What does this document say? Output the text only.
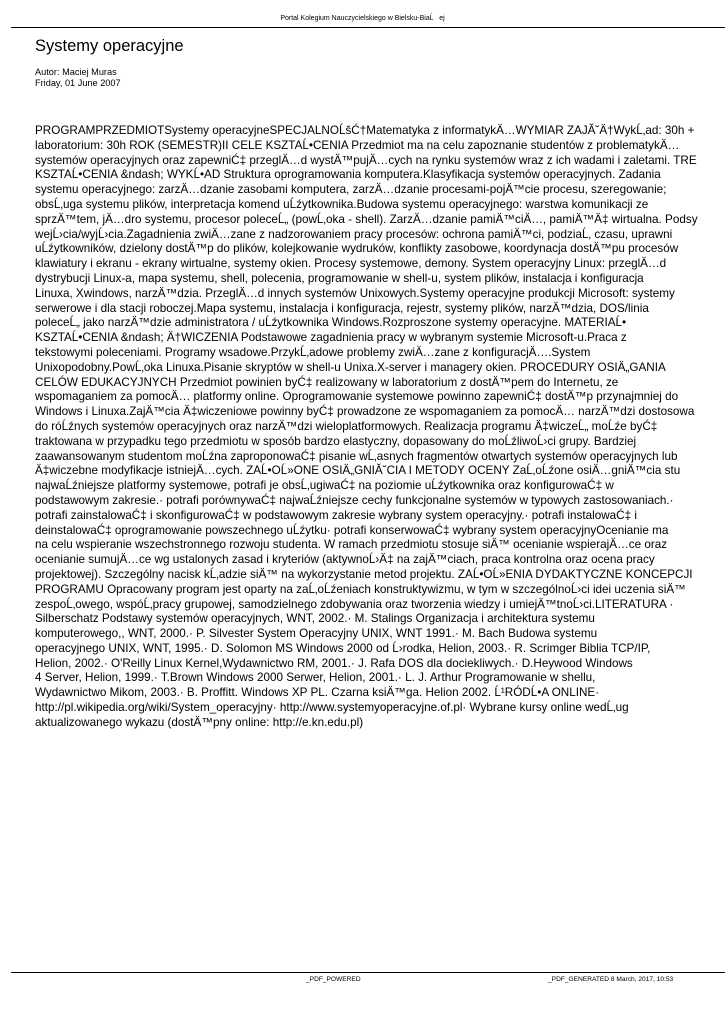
Portal Kolegium Nauczycielskiego w Bielsku-BiaĹej
Systemy operacyjne
Autor: Maciej Muras
Friday, 01 June 2007
PROGRAMPRZEDMIOTSystemy operacyjneSPECJALNOĹšĆ†Matematyka z informatykÄ…WYMIAR ZAJĂ˘Ä†WykĹ‚ad: 30h +
laboratorium: 30h ROK (SEMESTR)II CELE KSZTAĹ•CENIA Przedmiot ma na celu zapoznanie studentów z problematykÄ…
systemów operacyjnych oraz zapewniĆ‡ przeglÄ…d wystÄ™pujÄ…cych na rynku systemów wraz z ich wadami i zaletami. TRE
KSZTAĹ•CENIA &ndash; WYKĹ•AD Struktura oprogramowania komputera.Klasyfikacja systemów operacyjnych. Zadania
systemu operacyjnego: zarzÄ…dzanie zasobami komputera, zarzÄ…dzanie procesami-pojÄ™cie procesu, szeregowanie;
obsĹ‚uga systemu plików, interpretacja komend uĹźytkownika.Budowa systemu operacyjnego: warstwa komunikacji ze
sprzÄ™tem, jÄ…dro systemu, procesor poleceĹ„ (powĹ‚oka - shell). ZarzÄ…dzanie pamiÄ™ciÄ…, pamiÄ™Ä‡ wirtualna. Podsy
wejĹ›cia/wyjĹ›cia.Zagadnienia zwiÄ…zane z nadzorowaniem pracy procesów: ochrona pamiÄ™ci, podziaĹ‚ czasu, uprawni
uĹźytkowników, dzielony dostÄ™p do plików, kolejkowanie wydruków, konflikty zasobowe, koordynacja dostÄ™pu procesów
klawiatury i ekranu - ekrany wirtualne, systemy okien. Procesy systemowe, demony. System operacyjny Linux: przeglÄ…d
dystrybucji Linux-a, mapa systemu, shell, polecenia, programowanie w shell-u, system plików, instalacja i konfiguracja
Linuxa, Xwindows, narzÄ™dzia. PrzeglÄ…d innych systemów Unixowych.Systemy operacyjne produkcji Microsoft: systemy
serwerowe i dla stacji roboczej.Mapa systemu, instalacja i konfiguracja, rejestr, systemy plików, narzÄ™dzia, DOS/linia
poleceĹ„ jako narzÄ™dzie administratora / uĹźytkownika Windows.Rozproszone systemy operacyjne. MATERIAĹ•
KSZTAĹ•CENIA &ndash; Ä†WICZENIA Podstawowe zagadnienia pracy w wybranym systemie Microsoft-u.Praca z
tekstowymi poleceniami. Programy wsadowe.PrzykĹ‚adowe problemy zwiÄ…zane z konfiguracjÄ….System
Unixopodobny.PowĹ‚oka Linuxa.Pisanie skryptów w shell-u Unixa.X-server i managery okien. PROCEDURY OSIÄ„GANIA
CELÓW EDUKACYJNYCH Przedmiot powinien byĆ‡ realizowany w laboratorium z dostÄ™pem do Internetu, ze
wspomaganiem za pomocÄ… platformy online. Oprogramowanie systemowe powinno zapewniĆ‡ dostÄ™p przynajmniej do
Windows i Linuxa.ZajÄ™cia Ä‡wiczeniowe powinny byĆ‡ prowadzone ze wspomaganiem za pomocÄ… narzÄ™dzi dostosowa
do róĹźnych systemów operacyjnych oraz narzÄ™dzi wieloplatformowych. Realizacja programu Ä‡wiczeĹ„ moĹźe byĆ‡
traktowana w przypadku tego przedmiotu w sposób bardzo elastyczny, dopasowany do moĹźliwoĹ›ci grupy. Bardziej
zaawansowanym studentom moĹźna zaproponowaĆ‡ pisanie wĹ‚asnych fragmentów otwartych systemów operacyjnych lub
Ä‡wiczebne modyfikacje istniejÄ…cych. ZAĹ•OĹ»ONE OSIÄ„GNIĂ˘CIA I METODY OCENY ZaĹ‚oĹźone osiÄ…gniÄ™cia stu
najwaĹźniejsze platformy systemowe, potrafi je obsĹ‚ugiwaĆ‡ na poziomie uĹźytkownika oraz konfigurowaĆ‡ w
podstawowym zakresie.· potrafi porównywaĆ‡ najwaĹźniejsze cechy funkcjonalne systemów w typowych zastosowaniach.·
potrafi zainstalowaĆ‡ i skonfigurowaĆ‡ w podstawowym zakresie wybrany system operacyjny.· potrafi instalowaĆ‡ i
deinstalowaĆ‡ oprogramowanie powszechnego uĹźytku· potrafi konserwowaĆ‡ wybrany system operacyjnyOcenianie ma
na celu wspieranie wszechstronnego rozwoju studenta. W ramach przedmiotu stosuje siÄ™ ocenianie wspierajÄ…ce oraz
ocenianie sumujÄ…ce wg ustalonych zasad i kryteriów (aktywnoĹ›Ä‡ na zajÄ™ciach, praca kontrolna oraz ocena pracy
projektowej). Szczególny nacisk kĹ‚adzie siÄ™ na wykorzystanie metod projektu. ZAĹ•OĹ»ENIA DYDAKTYCZNE KONCEPCJI
PROGRAMU Opracowany program jest oparty na zaĹ‚oĹźeniach konstruktywizmu, w tym w szczególnoĹ›ci idei uczenia siÄ™
zespoĹ‚owego, wspóĹ‚pracy grupowej, samodzielnego zdobywania oraz tworzenia wiedzy i umiejÄ™tnoĹ›ci.LITERATURA ·
Silberschatz Podstawy systemów operacyjnych, WNT, 2002.· M. Stalings Organizacja i architektura systemu
komputerowego,, WNT, 2000.· P. Silvester System Operacyjny UNIX, WNT 1991.· M. Bach Budowa systemu
operacyjnego UNIX, WNT, 1995.· D. Solomon MS Windows 2000 od Ĺ›rodka, Helion, 2003.· R. Scrimger Biblia TCP/IP,
Helion, 2002.· O'Reilly Linux Kernel,Wydawnictwo RM, 2001.· J. Rafa DOS dla dociekliwych.· D.Heywood Windows
4 Server, Helion, 1999.· T.Brown Windows 2000 Serwer, Helion, 2001.· L. J. Arthur Programowanie w shellu,
Wydawnictwo Mikom, 2003.· B. Proffitt. Windows XP PL. Czarna ksiÄ™ga. Helion 2002. Ĺ¹RÓDĹ•A ONLINE·
http://pl.wikipedia.org/wiki/System_operacyjny· http://www.systemyoperacyjne.of.pl· Wybrane kursy online wedĹ‚ug
aktualizowanego wykazu (dostÄ™pny online: http://e.kn.edu.pl)
_PDF_POWERED	_PDF_GENERATED 8 March, 2017, 10:53
